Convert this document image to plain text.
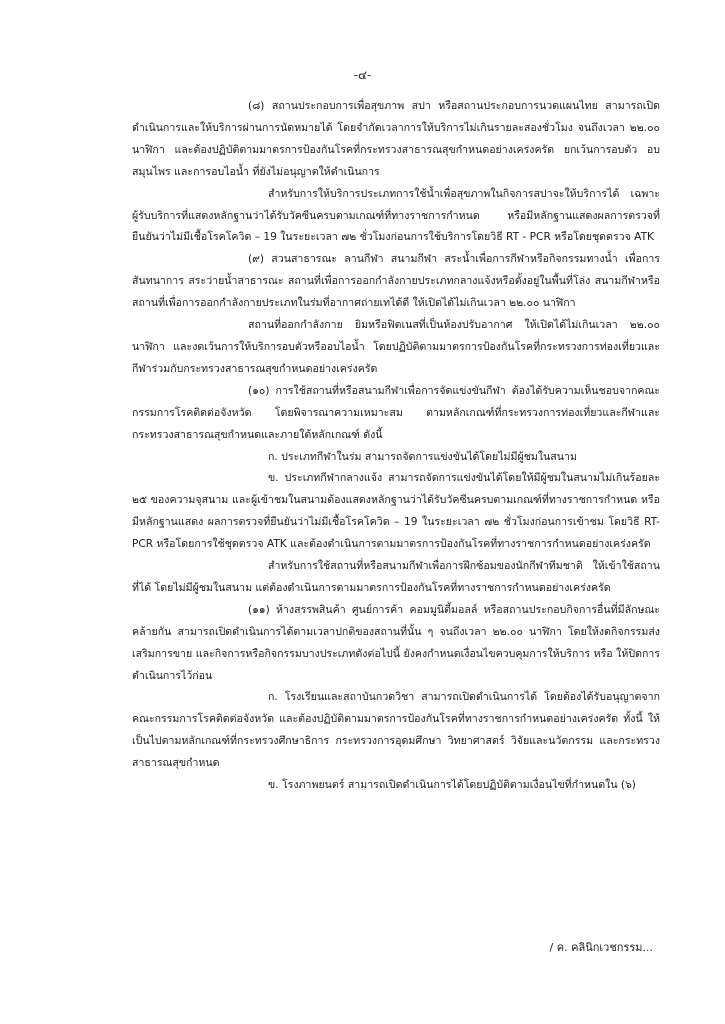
-๔-

(๘) สถานประกอบการเพื่อสุขภาพ สปา หรือสถานประกอบการนวดแผนไทย สามารถเปิดดำเนินการและให้บริการผ่านการนัดหมายได้ โดยจำกัดเวลาการให้บริการไม่เกินรายละสองชั่วโมง จนถึงเวลา ๒๒.๐๐ นาฬิกา และต้องปฏิบัติตามมาตรการป้องกันโรคที่กระทรวงสาธารณสุขกำหนดอย่างเคร่งครัด ยกเว้นการอบตัว อบสมุนไพร และการอบไอน้ำ ที่ยังไม่อนุญาตให้ดำเนินการ

สำหรับการให้บริการประเภทการใช้น้ำเพื่อสุขภาพในกิจการสปาจะให้บริการได้ เฉพาะผู้รับบริการที่แสดงหลักฐานว่าได้รับวัคซีนครบตามเกณฑ์ที่ทางราชการกำหนด หรือมีหลักฐานแสดงผลการตรวจที่ยืนยันว่าไม่มีเชื้อโรคโควิด – 19 ในระยะเวลา ๗๒ ชั่วโมงก่อนการใช้บริการโดยวิธี RT - PCR หรือโดยชุดตรวจ ATK

(๙) สวนสาธารณะ ลานกีฬา สนามกีฬา สระน้ำเพื่อการกีฬาหรือกิจกรรมทางน้ำ เพื่อการสันทนาการ สระว่ายน้ำสาธารณะ สถานที่เพื่อการออกกำลังกายประเภทกลางแจ้งหรือตั้งอยู่ในพื้นที่โล่ง สนามกีฬาหรือสถานที่เพื่อการออกกำลังกายประเภทในร่มที่อากาศถ่ายเทได้ดี ให้เปิดได้ไม่เกินเวลา ๒๒.๐๐ นาฬิกา

สถานที่ออกกำลังกาย ยิมหรือฟิตเนสที่เป็นห้องปรับอากาศ ให้เปิดได้ไม่เกินเวลา ๒๒.๐๐ นาฬิกา และงดเว้นการให้บริการอบตัวหรืออบไอน้ำ โดยปฏิบัติตามมาตรการป้องกันโรคที่กระทรวงการท่องเที่ยวและกีฬาร่วมกับกระทรวงสาธารณสุขกำหนดอย่างเคร่งครัด

(๑๐) การใช้สถานที่หรือสนามกีฬาเพื่อการจัดแข่งขันกีฬา ต้องได้รับความเห็นชอบจากคณะกรรมการโรคติดต่อจังหวัด โดยพิจารณาความเหมาะสม ตามหลักเกณฑ์ที่กระทรวงการท่องเที่ยวและกีฬาและกระทรวงสาธารณสุขกำหนดและภายใต้หลักเกณฑ์ ดังนี้

ก. ประเภทกีฬาในร่ม สามารถจัดการแข่งขันได้โดยไม่มีผู้ชมในสนาม

ข. ประเภทกีฬากลางแจ้ง สามารถจัดการแข่งขันได้โดยให้มีผู้ชมในสนามไม่เกินร้อยละ ๒๕ ของความจุสนาม และผู้เข้าชมในสนามต้องแสดงหลักฐานว่าได้รับวัคซีนครบตามเกณฑ์ที่ทางราชการกำหนด หรือมีหลักฐานแสดง ผลการตรวจที่ยืนยันว่าไม่มีเชื้อโรคโควิด – 19 ในระยะเวลา ๗๒ ชั่วโมงก่อนการเข้าชม โดยวิธี RT-PCR หรือโดยการใช้ชุดตรวจ ATK และต้องดำเนินการตามมาตรการป้องกันโรคที่ทางราชการกำหนดอย่างเคร่งครัด

สำหรับการใช้สถานที่หรือสนามกีฬาเพื่อการฝึกซ้อมของนักกีฬาทีมชาติ ให้เข้าใช้สถานที่ได้ โดยไม่มีผู้ชมในสนาม แต่ต้องดำเนินการตามมาตรการป้องกันโรคที่ทางราชการกำหนดอย่างเคร่งครัด

(๑๑) ห้างสรรพสินค้า ศูนย์การค้า คอมมูนิตี้มอลล์ หรือสถานประกอบกิจการอื่นที่มีลักษณะคล้ายกัน สามารถเปิดดำเนินการได้ตามเวลาปกติของสถานที่นั้น ๆ จนถึงเวลา ๒๒.๐๐ นาฬิกา โดยให้งดกิจกรรมส่งเสริมการขาย และกิจการหรือกิจกรรมบางประเภทดังต่อไปนี้ ยังคงกำหนดเงื่อนไขควบคุมการให้บริการ หรือ ให้ปิดการดำเนินการไว้ก่อน

ก. โรงเรียนและสถาบันกวดวิชา สามารถเปิดดำเนินการได้ โดยต้องได้รับอนุญาตจากคณะกรรมการโรคติดต่อจังหวัด และต้องปฏิบัติตามมาตรการป้องกันโรคที่ทางราชการกำหนดอย่างเคร่งครัด ทั้งนี้ ให้เป็นไปตามหลักเกณฑ์ที่กระทรวงศึกษาธิการ กระทรวงการอุดมศึกษา วิทยาศาสตร์ วิจัยและนวัตกรรม และกระทรวงสาธารณสุขกำหนด

ข. โรงภาพยนตร์ สามารถเปิดดำเนินการได้โดยปฏิบัติตามเงื่อนไขที่กำหนดใน (๖)

/ ค. คลินิกเวชกรรม...
